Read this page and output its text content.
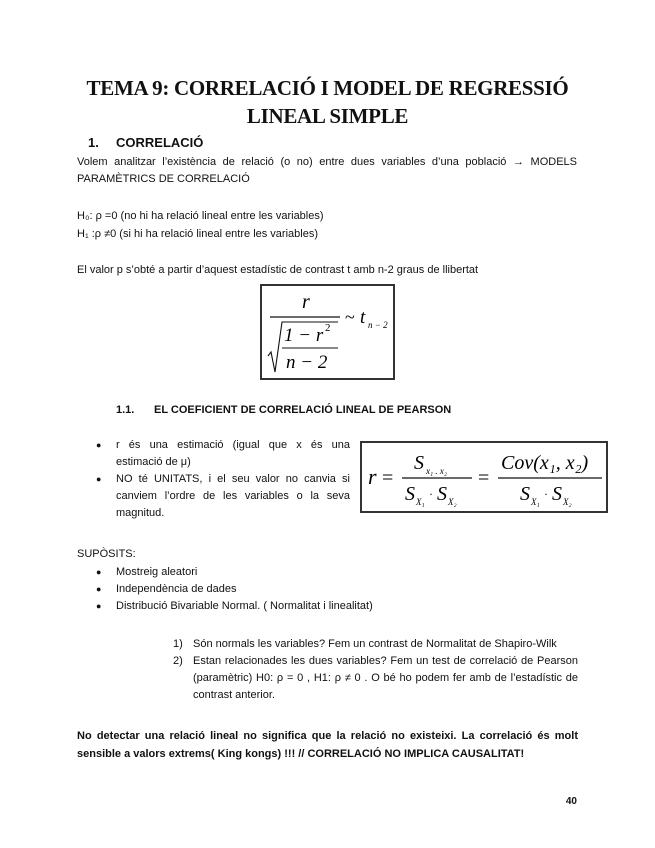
TEMA 9: CORRELACIÓ I MODEL DE REGRESSIÓ
LINEAL SIMPLE
1. CORRELACIÓ
Volem analitzar l’existència de relació (o no) entre dues variables d’una població → MODELS PARAMÈTRICS DE CORRELACIÓ
H₀: ρ =0 (no hi ha relació lineal entre les variables)
H₁ :ρ ≠0 (si hi ha relació lineal entre les variables)
El valor p s’obté a partir d’aquest estadístic de contrast t amb n-2 graus de llibertat
r
1 − r 2
n − 2
~ t n − 2
1.1. EL COEFICIENT DE CORRELACIÓ LINEAL DE PEARSON
● r és una estimació (igual que x és una estimació de μ)
● NO té UNITATS, i el seu valor no canvia si canviem l’ordre de les variables o la seva magnitud.
r =
S x₁ . x₂
S X₁
· S X₂
=
Cov(x₁, x₂)
S X₁
· S X₂
SUPÒSITS:
● Mostreig aleatori
● Independència de dades
● Distribució Bivariable Normal. ( Normalitat i linealitat)
1) Són normals les variables? Fem un contrast de Normalitat de Shapiro-Wilk
2) Estan relacionades les dues variables? Fem un test de correlació de Pearson (paramètric) H0: ρ = 0 , H1: ρ ≠ 0 . O bé ho podem fer amb de l’estadístic de contrast anterior.
No detectar una relació lineal no significa que la relació no existeixi. La correlació és molt sensible a valors extrems( King kongs) !!! // CORRELACIÓ NO IMPLICA CAUSALITAT!
40
